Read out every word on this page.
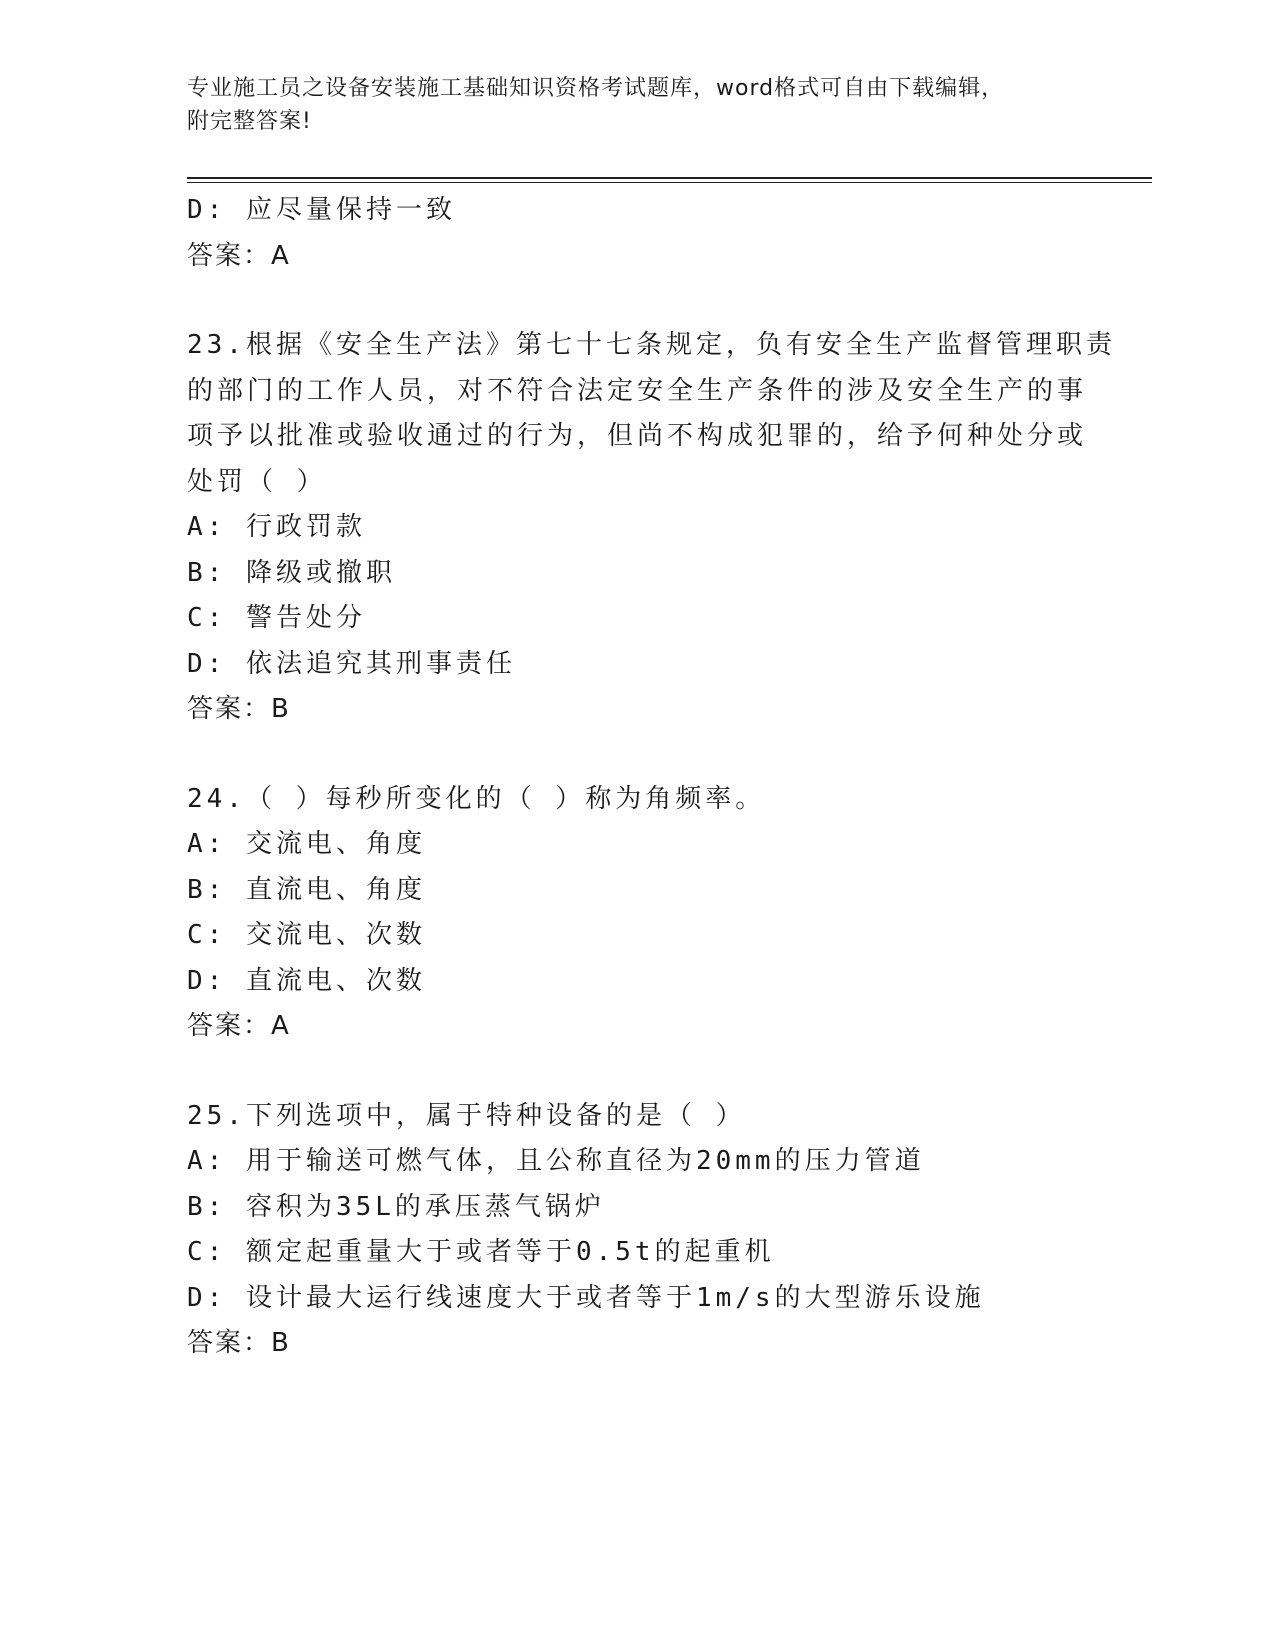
专业施工员之设备安装施工基础知识资格考试题库，word格式可自由下载编辑，
附完整答案!
D: 应尽量保持一致
答案：A
23.根据《安全生产法》第七十七条规定，负有安全生产监督管理职责
的部门的工作人员，对不符合法定安全生产条件的涉及安全生产的事
项予以批准或验收通过的行为，但尚不构成犯罪的，给予何种处分或
处罚（ ）
A: 行政罚款
B: 降级或撤职
C: 警告处分
D: 依法追究其刑事责任
答案：B
24.（ ）每秒所变化的（ ）称为角频率。
A: 交流电、角度
B: 直流电、角度
C: 交流电、次数
D: 直流电、次数
答案：A
25.下列选项中，属于特种设备的是（ ）
A: 用于输送可燃气体，且公称直径为20mm的压力管道
B: 容积为35L的承压蒸气锅炉
C: 额定起重量大于或者等于0.5t的起重机
D: 设计最大运行线速度大于或者等于1m/s的大型游乐设施
答案：B
